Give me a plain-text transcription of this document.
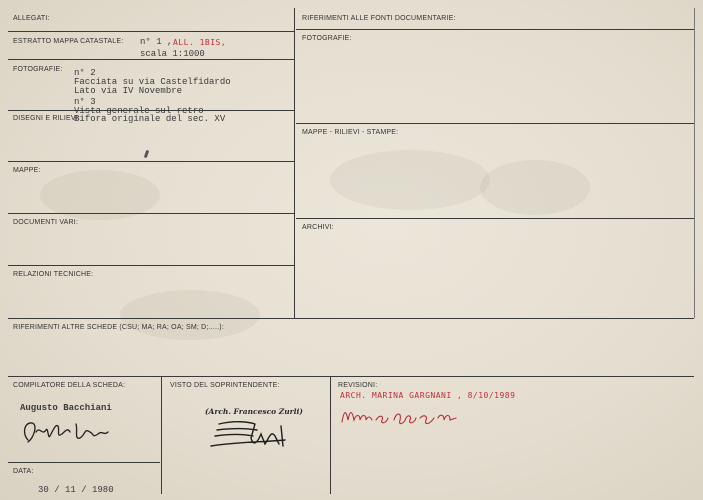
ALLEGATI:
ESTRATTO MAPPA CATASTALE: n° 1 , ALL. 1BIS,
scala 1:1000
FOTOGRAFIE: n° 2
Facciata su via Castelfidardo
Lato via IV Novembre
n° 3
Vista generale sul retro
DISEGNI E RILIEVI:
Bifora originale del sec. XV
MAPPE:
DOCUMENTI VARI:
RELAZIONI TECNICHE:
RIFERIMENTI ALLE FONTI DOCUMENTARIE:
FOTOGRAFIE:
MAPPE - RILIEVI - STAMPE:
ARCHIVI:
RIFERIMENTI ALTRE SCHEDE (CSU; MA; RA; OA; SM; D;.....):
COMPILATORE DELLA SCHEDA:
Augusto Bacchiani
DATA:
30 / 11 / 1980
VISTO DEL SOPRINTENDENTE:
(Arch. Francesco Zurli)
REVISIONI:
ARCH. MARINA GARGNANI , 8/10/1989
